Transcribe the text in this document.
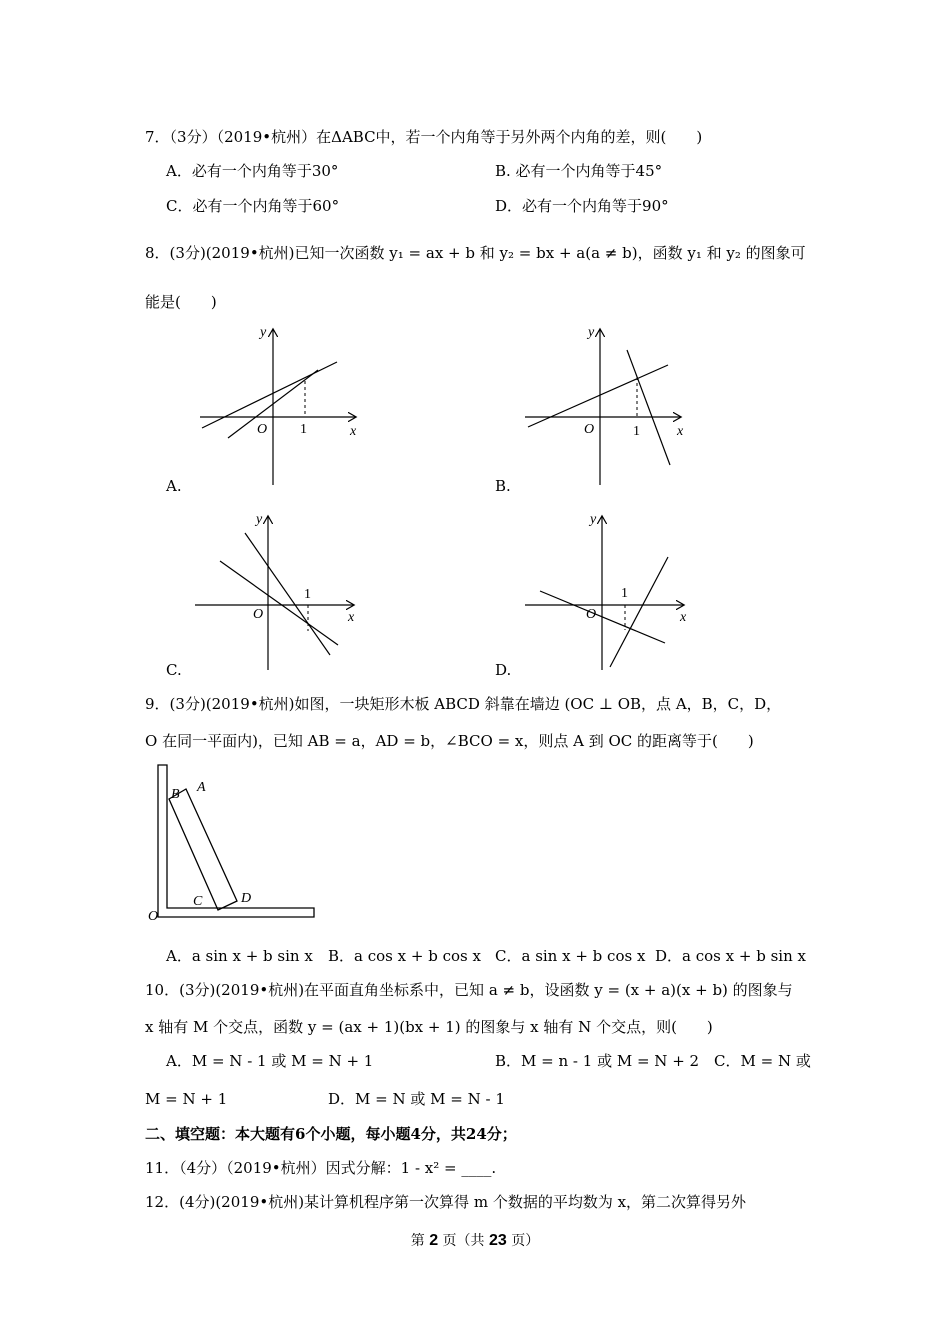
7．（3分）（2019•杭州）在ΔABC中，若一个内角等于另外两个内角的差，则(　　)
A．必有一个内角等于30°	B. 必有一个内角等于45°
C．必有一个内角等于60°	D．必有一个内角等于90°
8．(3分)(2019•杭州)已知一次函数 y₁ = ax + b 和 y₂ = bx + a(a ≠ b)，函数 y₁ 和 y₂ 的图象可
能是(　　)
O 1	x
y
A.
O	1	x
y
B.
O
1
x
y
C.
O
1
x
y
D.
9．(3分)(2019•杭州)如图，一块矩形木板 ABCD 斜靠在墙边 (OC ⊥ OB，点 A，B，C，D，
O 在同一平面内)，已知 AB = a，AD = b，∠BCO = x，则点 A 到 OC 的距离等于(　　)
B A
C	D
O
A．a sin x + b sin x B．a cos x + b cos x C．a sin x + b cos x D．a cos x + b sin x
10．(3分)(2019•杭州)在平面直角坐标系中，已知 a ≠ b，设函数 y = (x + a)(x + b) 的图象与
x 轴有 M 个交点，函数 y = (ax + 1)(bx + 1) 的图象与 x 轴有 N 个交点，则(　　)
A．M = N - 1 或 M = N + 1	B．M = n - 1 或 M = N + 2 C．M = N 或
M = N + 1	D．M = N 或 M = N - 1
二、填空题：本大题有6个小题，每小题4分，共24分；
11．（4分）（2019•杭州）因式分解：1 - x² = ____.
12．(4分)(2019•杭州)某计算机程序第一次算得 m 个数据的平均数为 x，第二次算得另外
第 2 页（共 23 页）
